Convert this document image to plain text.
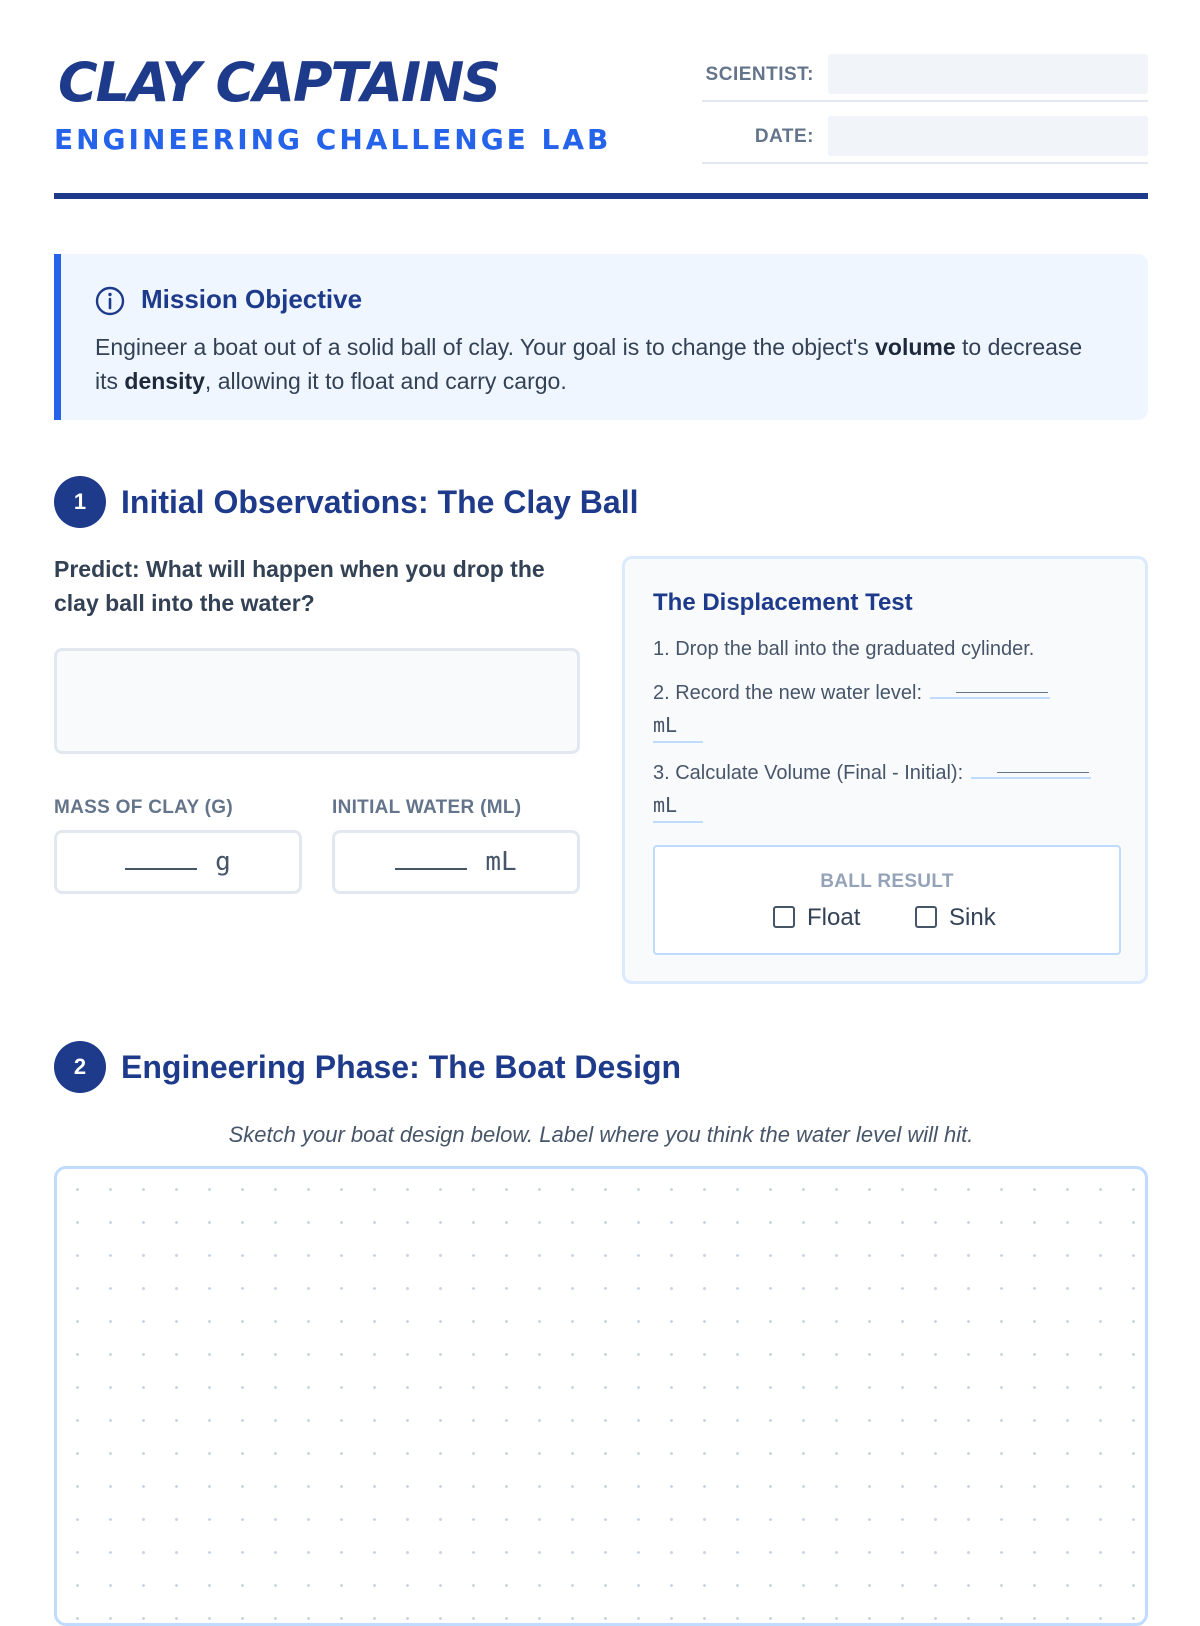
CLAY CAPTAINS
ENGINEERING CHALLENGE LAB
SCIENTIST:
DATE:
Mission Objective

Engineer a boat out of a solid ball of clay. Your goal is to change the object's volume to decrease its density, allowing it to float and carry cargo.

1	Initial Observations: The Clay Ball

Predict: What will happen when you drop the clay ball into the water?

MASS OF CLAY (G)
g
INITIAL WATER (ML)
mL
The Displacement Test
1. Drop the ball into the graduated cylinder.
2. Record the new water level:
mL
3. Calculate Volume (Final - Initial):
mL
BALL RESULT
Float	Sink
2	Engineering Phase: The Boat Design

Sketch your boat design below. Label where you think the water level will hit.
